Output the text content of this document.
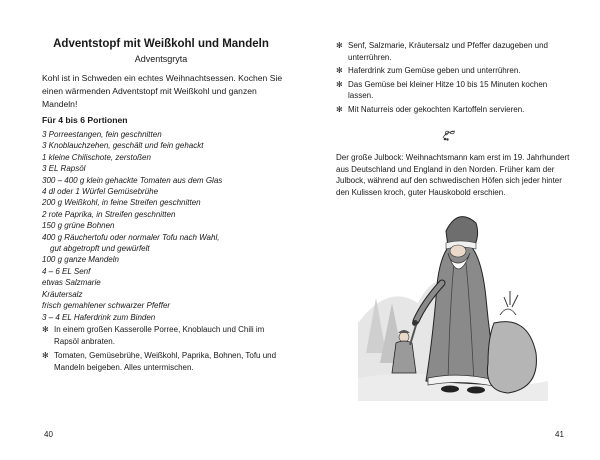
Adventstopf mit Weißkohl und Mandeln
Adventsgryta
Kohl ist in Schweden ein echtes Weihnachtsessen. Kochen Sie einen wärmenden Adventstopf mit Weißkohl und ganzen Mandeln!
Für 4 bis 6 Portionen
3 Porreestangen, fein geschnitten
3 Knoblauchzehen, geschält und fein gehackt
1 kleine Chilischote, zerstoßen
3 EL Rapsöl
300 – 400 g klein gehackte Tomaten aus dem Glas
4 dl oder 1 Würfel Gemüsebrühe
200 g Weißkohl, in feine Streifen geschnitten
2 rote Paprika, in Streifen geschnitten
150 g grüne Bohnen
400 g Räuchertofu oder normaler Tofu nach Wahl,
gut abgetropft und gewürfelt
100 g ganze Mandeln
4 – 6 EL Senf
etwas Salzmarie
Kräutersalz
frisch gemahlener schwarzer Pfeffer
3 – 4 EL Haferdrink zum Binden
✻ In einem großen Kasserolle Porree, Knoblauch und Chili im Rapsöl anbraten.
✻ Tomaten, Gemüsebrühe, Weißkohl, Paprika, Bohnen, Tofu und Mandeln beigeben. Alles untermischen.
40
✻ Senf, Salzmarie, Kräutersalz und Pfeffer dazugeben und unterrühren.
✻ Haferdrink zum Gemüse geben und unterrühren.
✻ Das Gemüse bei kleiner Hitze 10 bis 15 Minuten kochen lassen.
✻ Mit Naturreis oder gekochten Kartoffeln servieren.
Der große Julbock: Weihnachtsmann kam erst im 19. Jahrhundert aus Deutschland und England in den Norden. Früher kam der Julbock, während auf den schwedischen Höfen sich jeder hinter den Kulissen kroch, guter Hauskobold erschien.
41
